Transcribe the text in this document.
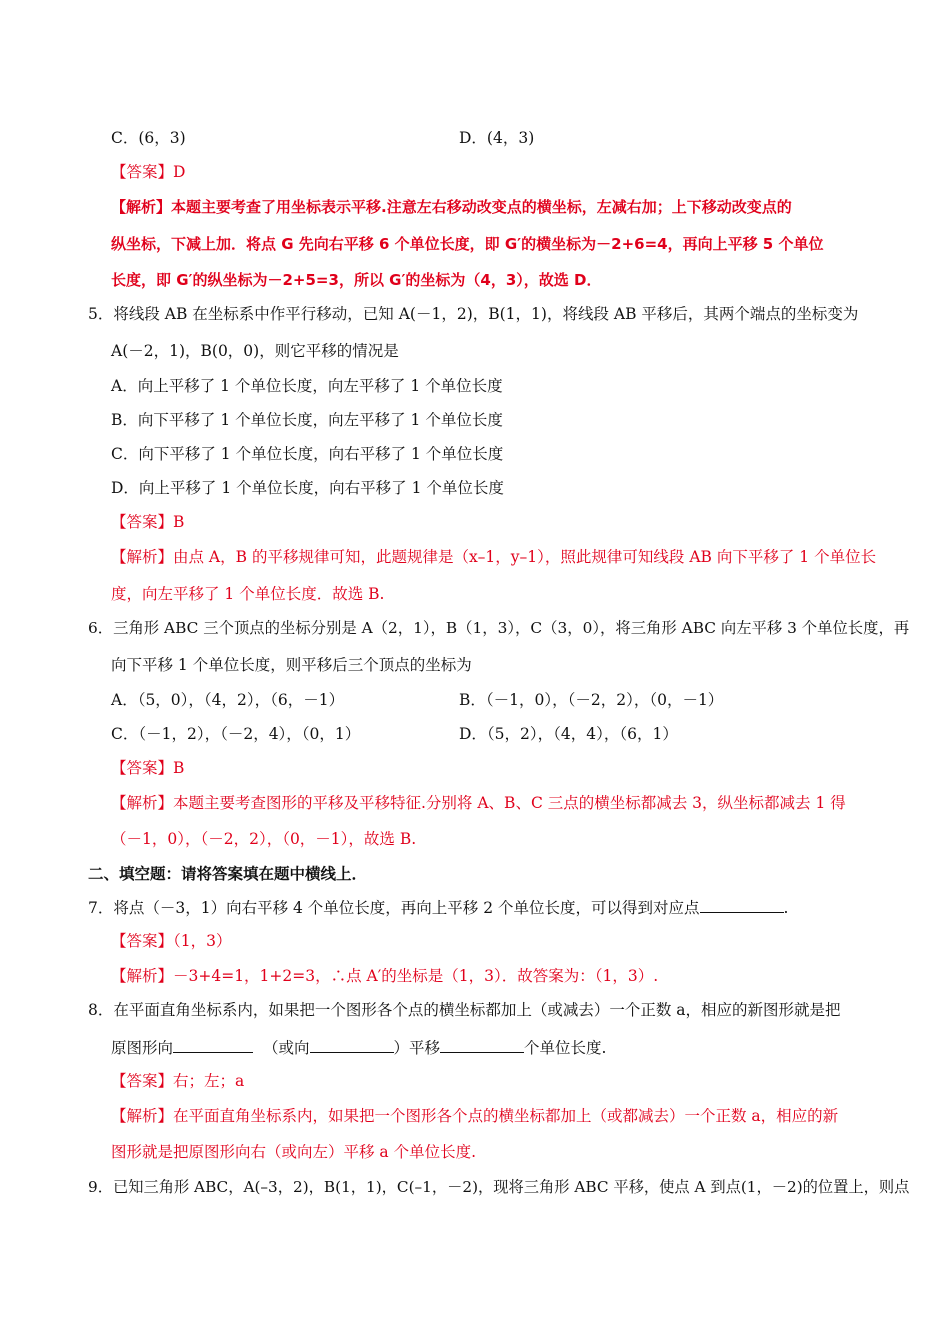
C．(6，3)	D．(4，3)
【答案】D
【解析】本题主要考查了用坐标表示平移.注意左右移动改变点的横坐标，左减右加；上下移动改变点的
纵坐标，下减上加．将点 G 先向右平移 6 个单位长度，即 G′的横坐标为－2+6=4，再向上平移 5 个单位
长度，即 G′的纵坐标为－2+5=3，所以 G′的坐标为（4，3），故选 D．
5．将线段 AB 在坐标系中作平行移动，已知 A(－1，2)，B(1，1)，将线段 AB 平移后，其两个端点的坐标变为
A(－2，1)，B(0，0)，则它平移的情况是
A．向上平移了 1 个单位长度，向左平移了 1 个单位长度
B．向下平移了 1 个单位长度，向左平移了 1 个单位长度
C．向下平移了 1 个单位长度，向右平移了 1 个单位长度
D．向上平移了 1 个单位长度，向右平移了 1 个单位长度
【答案】B
【解析】由点 A，B 的平移规律可知，此题规律是（x–1，y–1），照此规律可知线段 AB 向下平移了 1 个单位长
度，向左平移了 1 个单位长度．故选 B.
6．三角形 ABC 三个顶点的坐标分别是 A（2，1），B（1，3），C（3，0），将三角形 ABC 向左平移 3 个单位长度，再
向下平移 1 个单位长度，则平移后三个顶点的坐标为
A．（5，0），（4，2），（6，－1）	B．（－1，0），（－2，2），（0，－1）
C．（－1，2），（－2，4），（0，1）	D．（5，2），（4，4），（6，1）
【答案】B
【解析】本题主要考查图形的平移及平移特征.分别将 A、B、C 三点的横坐标都减去 3，纵坐标都减去 1 得
（－1，0），（－2，2），（0，－1），故选 B.
二、填空题：请将答案填在题中横线上．
7．将点（－3，1）向右平移 4 个单位长度，再向上平移 2 个单位长度，可以得到对应点	.
【答案】（1，3）
【解析】－3+4=1，1+2=3，∴点 A′的坐标是（1，3）．故答案为：（1，3）.
8．在平面直角坐标系内，如果把一个图形各个点的横坐标都加上（或减去）一个正数 a，相应的新图形就是把
原图形向	（或向	）平移	个单位长度.
【答案】右；左；a
【解析】在平面直角坐标系内，如果把一个图形各个点的横坐标都加上（或都减去）一个正数 a，相应的新
图形就是把原图形向右（或向左）平移 a 个单位长度.
9．已知三角形 ABC，A(–3，2)，B(1，1)，C(–1，－2)，现将三角形 ABC 平移，使点 A 到点(1，－2)的位置上，则点
